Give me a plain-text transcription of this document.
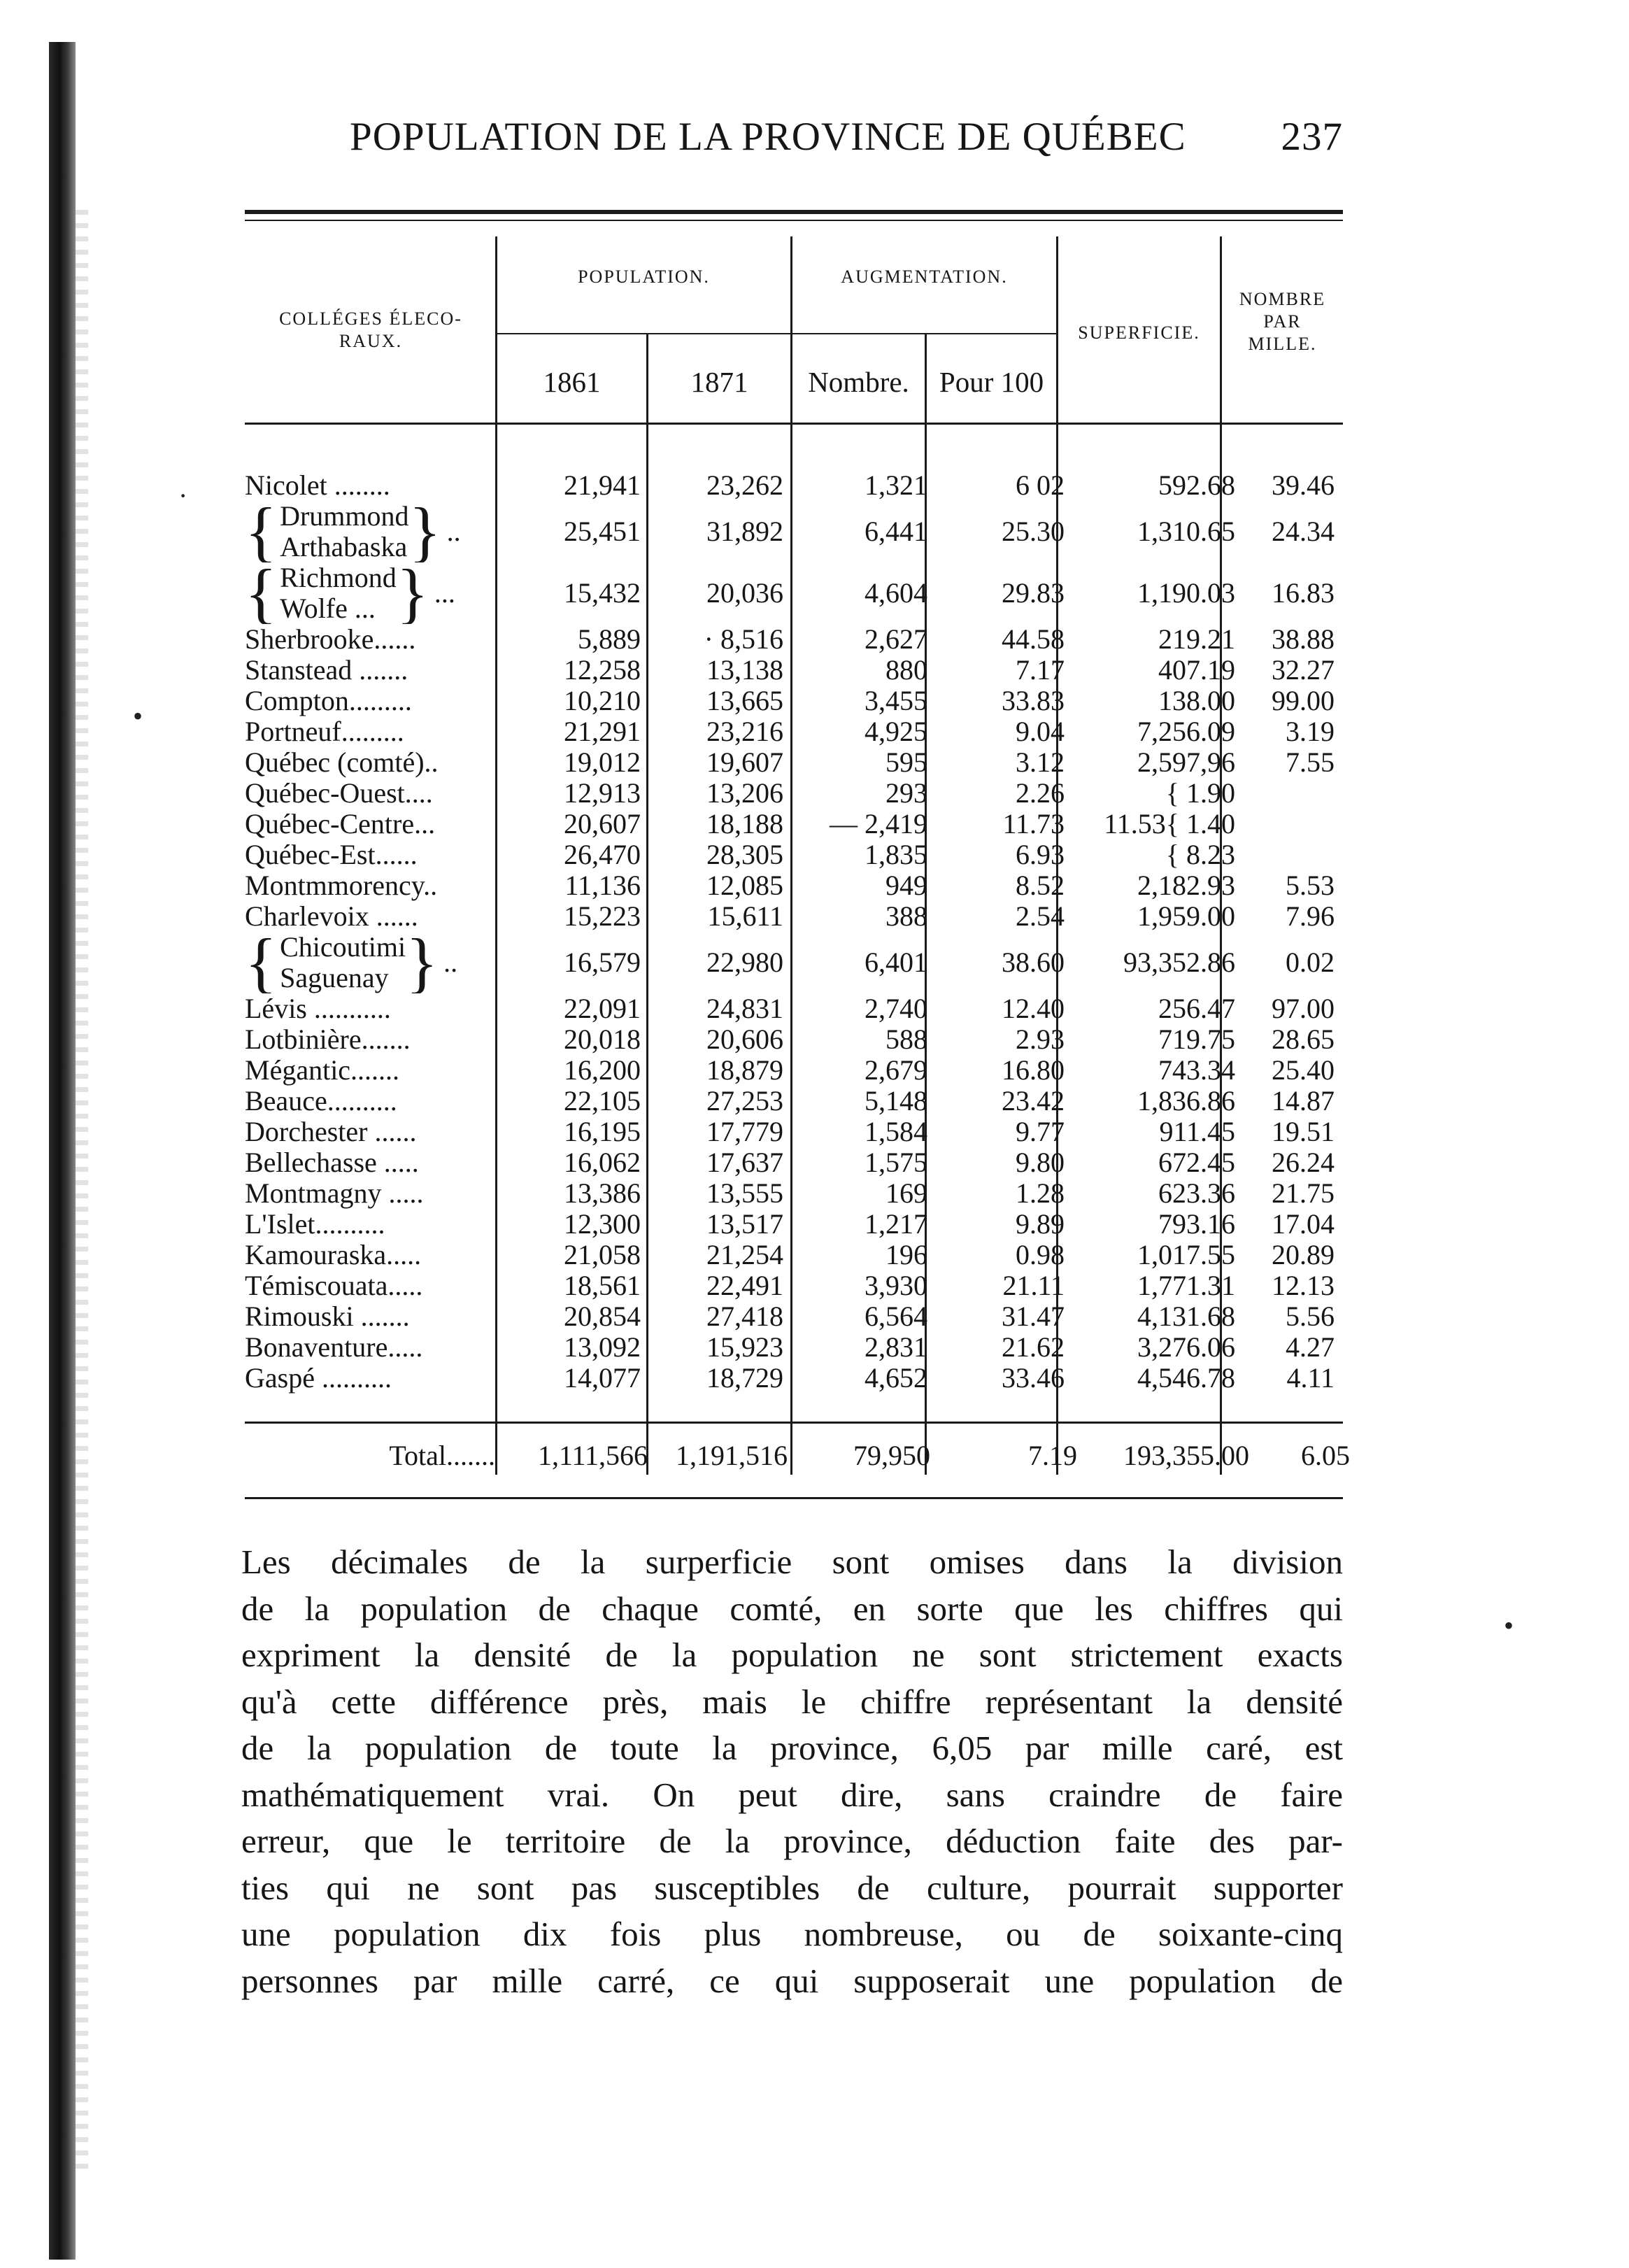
POPULATION DE LA PROVINCE DE QUÉBEC 237
COLLÉGES ÉLECO-
RAUX.
POPULATION.	AUGMENTATION.
SUPERFICIE.
NOMBRE
PAR
MILLE.
1861	1871	Nombre.	Pour 100
Nicolet ........	21,941	23,262	1,321	6 02	592.68	39.46

{ Drummond
Arthabaska } ..	25,451	31,892	6,441	25.30	1,310.65	24.34

{ Richmond
Wolfe ... } ...	15,432	20,036	4,604	29.83	1,190.03	16.83
Sherbrooke......	5,889	· 8,516	2,627	44.58	219.21	38.88
Stanstead .......	12,258	13,138	880	7.17	407.19	32.27
Compton.........	10,210	13,665	3,455	33.83	138.00	99.00
Portneuf.........	21,291	23,216	4,925	9.04	7,256.09	3.19
Québec (comté)..	19,012	19,607	595	3.12	2,597,96	7.55
Québec-Ouest....	12,913	13,206	293	2.26	{ 1.90	
Québec-Centre...	20,607	18,188	— 2,419	11.73	11.53{ 1.40	
Québec-Est......	26,470	28,305	1,835	6.93	{ 8.23	
Montmmorency..	11,136	12,085	949	8.52	2,182.93	5.53
Charlevoix ......	15,223	15,611	388	2.54	1,959.00	7.96

{ Chicoutimi
Saguenay } ..	16,579	22,980	6,401	38.60	93,352.86	0.02
Lévis ...........	22,091	24,831	2,740	12.40	256.47	97.00
Lotbinière.......	20,018	20,606	588	2.93	719.75	28.65
Mégantic.......	16,200	18,879	2,679	16.80	743.34	25.40
Beauce..........	22,105	27,253	5,148	23.42	1,836.86	14.87
Dorchester ......	16,195	17,779	1,584	9.77	911.45	19.51
Bellechasse .....	16,062	17,637	1,575	9.80	672.45	26.24
Montmagny .....	13,386	13,555	169	1.28	623.36	21.75
L'Islet..........	12,300	13,517	1,217	9.89	793.16	17.04
Kamouraska.....	21,058	21,254	196	0.98	1,017.55	20.89
Témiscouata.....	18,561	22,491	3,930	21.11	1,771.31	12.13
Rimouski .......	20,854	27,418	6,564	31.47	4,131.68	5.56
Bonaventure.....	13,092	15,923	2,831	21.62	3,276.06	4.27
Gaspé ..........	14,077	18,729	4,652	33.46	4,546.78	4.11
Total.......	1,111,566	1,191,516	79,950	7.19	193,355.00	6.05
Les décimales de la surperficie sont omises dans la division
de la population de chaque comté, en sorte que les chiffres qui
expriment la densité de la population ne sont strictement exacts
qu'à cette différence près, mais le chiffre représentant la densité
de la population de toute la province, 6,05 par mille caré, est
mathématiquement vrai. On peut dire, sans craindre de faire
erreur, que le territoire de la province, déduction faite des par-
ties qui ne sont pas susceptibles de culture, pourrait supporter
une population dix fois plus nombreuse, ou de soixante-cinq
personnes par mille carré, ce qui supposerait une population de
•
•
·
